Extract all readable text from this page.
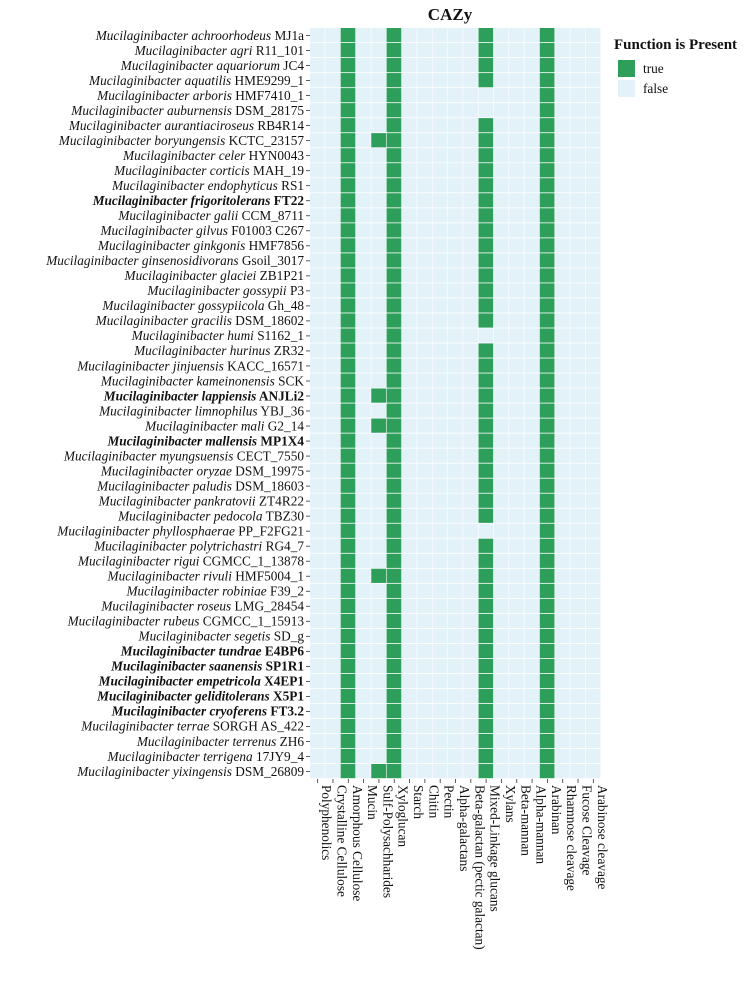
CAZy
Mucilaginibacter achroorhodeus MJ1a
Mucilaginibacter agri R11_101
Mucilaginibacter aquariorum JC4
Mucilaginibacter aquatilis HME9299_1
Mucilaginibacter arboris HMF7410_1
Mucilaginibacter auburnensis DSM_28175
Mucilaginibacter aurantiaciroseus RB4R14
Mucilaginibacter boryungensis KCTC_23157
Mucilaginibacter celer HYN0043
Mucilaginibacter corticis MAH_19
Mucilaginibacter endophyticus RS1
Mucilaginibacter frigoritolerans FT22
Mucilaginibacter galii CCM_8711
Mucilaginibacter gilvus F01003 C267
Mucilaginibacter ginkgonis HMF7856
Mucilaginibacter ginsenosidivorans Gsoil_3017
Mucilaginibacter glaciei ZB1P21
Mucilaginibacter gossypii P3
Mucilaginibacter gossypiicola Gh_48
Mucilaginibacter gracilis DSM_18602
Mucilaginibacter humi S1162_1
Mucilaginibacter hurinus ZR32
Mucilaginibacter jinjuensis KACC_16571
Mucilaginibacter kameinonensis SCK
Mucilaginibacter lappiensis ANJLi2
Mucilaginibacter limnophilus YBJ_36
Mucilaginibacter mali G2_14
Mucilaginibacter mallensis MP1X4
Mucilaginibacter myungsuensis CECT_7550
Mucilaginibacter oryzae DSM_19975
Mucilaginibacter paludis DSM_18603
Mucilaginibacter pankratovii ZT4R22
Mucilaginibacter pedocola TBZ30
Mucilaginibacter phyllosphaerae PP_F2FG21
Mucilaginibacter polytrichastri RG4_7
Mucilaginibacter rigui CGMCC_1_13878
Mucilaginibacter rivuli HMF5004_1
Mucilaginibacter robiniae F39_2
Mucilaginibacter roseus LMG_28454
Mucilaginibacter rubeus CGMCC_1_15913
Mucilaginibacter segetis SD_g
Mucilaginibacter tundrae E4BP6
Mucilaginibacter saanensis SP1R1
Mucilaginibacter empetricola X4EP1
Mucilaginibacter geliditolerans X5P1
Mucilaginibacter cryoferens FT3.2
Mucilaginibacter terrae SORGH AS_422
Mucilaginibacter terrenus ZH6
Mucilaginibacter terrigena 17JY9_4
Mucilaginibacter yixingensis DSM_26809
Polyphenolics Crystalline Cellulose Amorphous Cellulose Mucin Sulf-Polysachharides Xyloglucan Starch Chitin Pectin Alpha-galactans Beta-galactan (pectic galactan) Mixed-Linkage glucans Xylans Beta-mannan Alpha-mannan Arabinan Rhamnose cleavage Fucose Cleavage Arabinose cleavage
Function is Present
true
false
